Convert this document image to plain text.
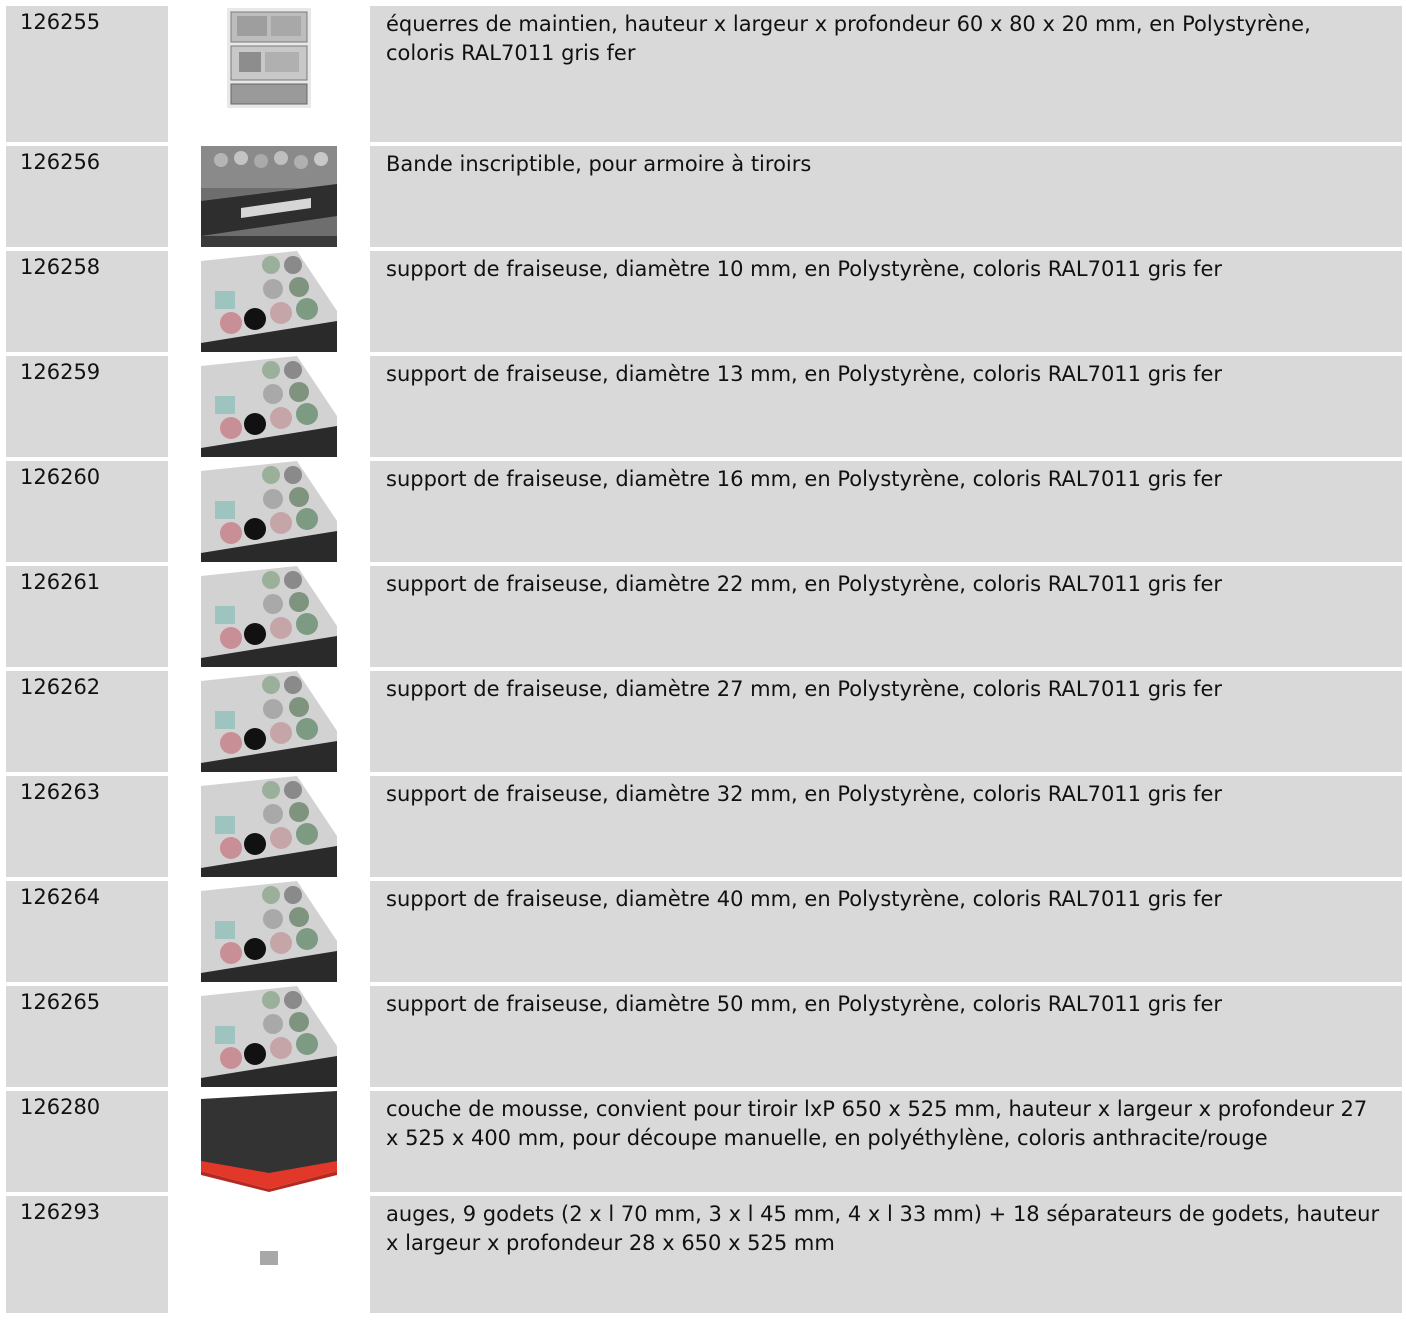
126255		équerres de maintien, hauteur x largeur x profondeur 60 x 80 x 20 mm, en Polystyrène, coloris RAL7011 gris fer
126256		Bande inscriptible, pour armoire à tiroirs
126258		support de fraiseuse, diamètre 10 mm, en Polystyrène, coloris RAL7011 gris fer
126259		support de fraiseuse, diamètre 13 mm, en Polystyrène, coloris RAL7011 gris fer
126260		support de fraiseuse, diamètre 16 mm, en Polystyrène, coloris RAL7011 gris fer
126261		support de fraiseuse, diamètre 22 mm, en Polystyrène, coloris RAL7011 gris fer
126262		support de fraiseuse, diamètre 27 mm, en Polystyrène, coloris RAL7011 gris fer
126263		support de fraiseuse, diamètre 32 mm, en Polystyrène, coloris RAL7011 gris fer
126264		support de fraiseuse, diamètre 40 mm, en Polystyrène, coloris RAL7011 gris fer
126265		support de fraiseuse, diamètre 50 mm, en Polystyrène, coloris RAL7011 gris fer
126280		couche de mousse, convient pour tiroir lxP 650 x 525 mm, hauteur x largeur x profondeur 27 x 525 x 400 mm, pour découpe manuelle, en polyéthylène, coloris anthracite/rouge
126293		auges, 9 godets (2 x l 70 mm, 3 x l 45 mm, 4 x l 33 mm) + 18 séparateurs de godets, hauteur x largeur x profondeur 28 x 650 x 525 mm
